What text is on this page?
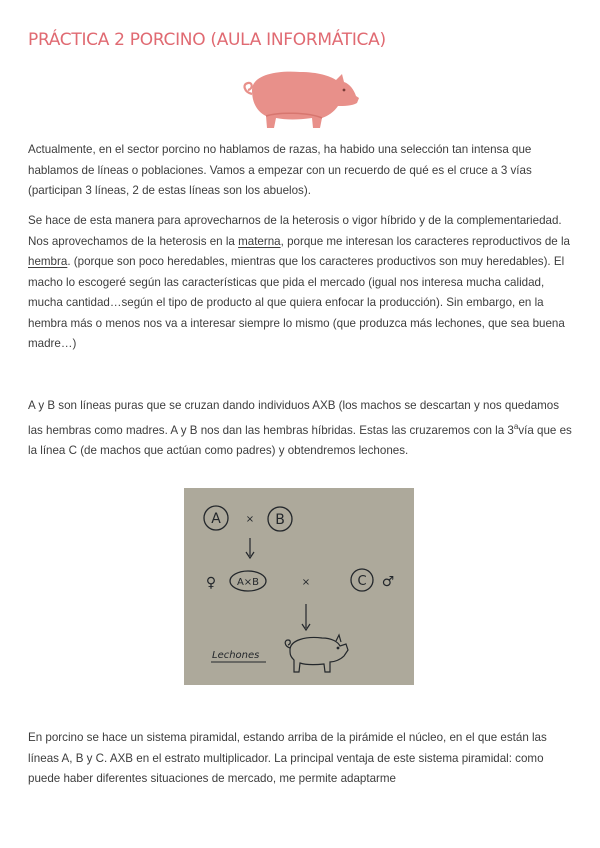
PRÁCTICA 2 PORCINO (AULA INFORMÁTICA)

Actualmente, en el sector porcino no hablamos de razas, ha habido una selección tan intensa que hablamos de líneas o poblaciones. Vamos a empezar con un recuerdo de qué es el cruce a 3 vías (participan 3 líneas, 2 de estas líneas son los abuelos).

Se hace de esta manera para aprovecharnos de la heterosis o vigor híbrido y de la complementariedad. Nos aprovechamos de la heterosis en la materna, porque me interesan los caracteres reproductivos de la hembra. (porque son poco heredables, mientras que los caracteres productivos son muy heredables). El macho lo escogeré según las características que pida el mercado (igual nos interesa mucha calidad, mucha cantidad…según el tipo de producto al que quiera enfocar la producción). Sin embargo, en la hembra más o menos nos va a interesar siempre lo mismo (que produzca más lechones, que sea buena madre…)

A y B son líneas puras que se cruzan dando individuos AXB (los machos se descartan y nos quedamos las hembras como madres. A y B nos dan las hembras híbridas. Estas las cruzaremos con la 3$^a$vía que es la línea C (de machos que actúan como padres) y obtendremos lechones.

A	× B
♀ A×B	×	C ♂
Lechones

En porcino se hace un sistema piramidal, estando arriba de la pirámide el núcleo, en el que están las líneas A, B y C. AXB en el estrato multiplicador. La principal ventaja de este sistema piramidal: como puede haber diferentes situaciones de mercado, me permite adaptarme
